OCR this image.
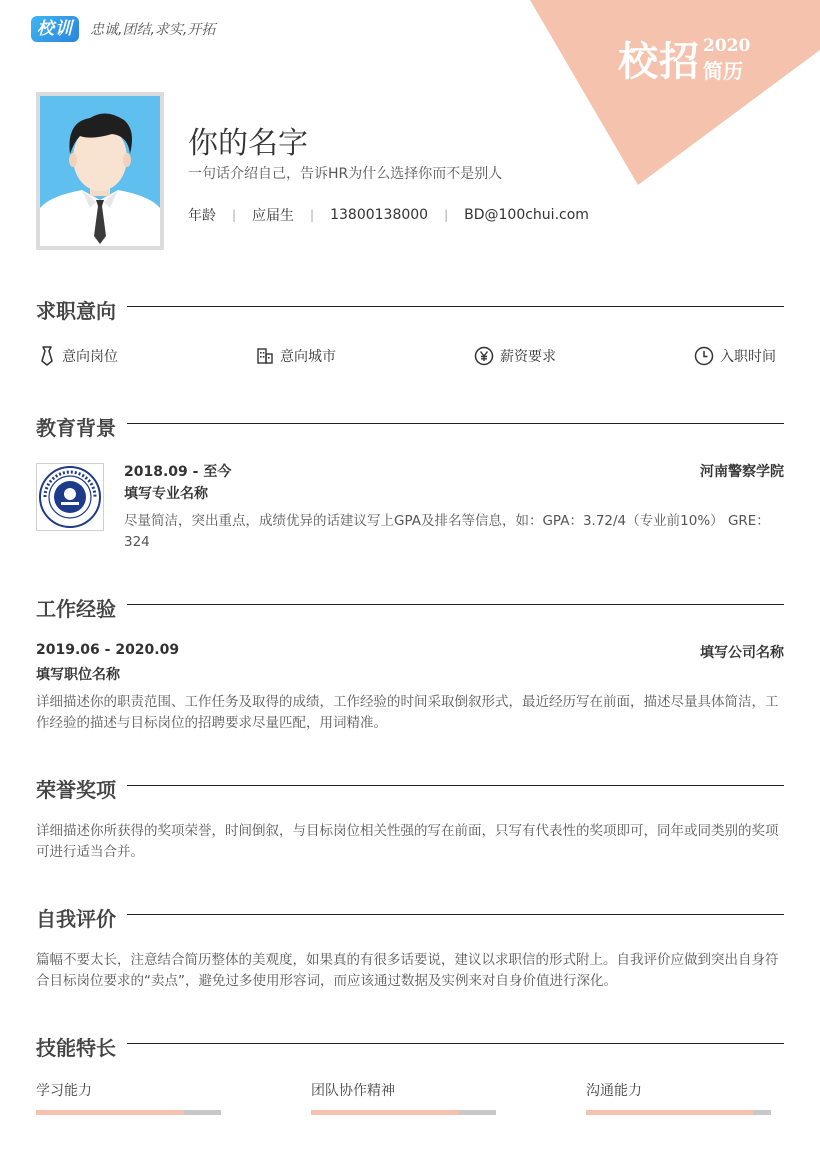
校训	忠诚,团结,求实,开拓
校招 2020
简历
你的名字
一句话介绍自己，告诉HR为什么选择你而不是别人
年龄 | 应届生 | 13800138000 | BD@100chui.com
求职意向
意向岗位	意向城市	薪资要求	入职时间
教育背景
2018.09 - 至今	河南警察学院
填写专业名称
尽量简洁，突出重点，成绩优异的话建议写上GPA及排名等信息，如：GPA：3.72/4（专业前10%） GRE：324
工作经验
2019.06 - 2020.09	填写公司名称
填写职位名称
详细描述你的职责范围、工作任务及取得的成绩，工作经验的时间采取倒叙形式，最近经历写在前面，描述尽量具体简洁，工作经验的描述与目标岗位的招聘要求尽量匹配，用词精准。
荣誉奖项
详细描述你所获得的奖项荣誉，时间倒叙，与目标岗位相关性强的写在前面，只写有代表性的奖项即可，同年或同类别的奖项可进行适当合并。
自我评价
篇幅不要太长，注意结合简历整体的美观度，如果真的有很多话要说，建议以求职信的形式附上。自我评价应做到突出自身符合目标岗位要求的“卖点”，避免过多使用形容词，而应该通过数据及实例来对自身价值进行深化。
技能特长
学习能力	团队协作精神	沟通能力
